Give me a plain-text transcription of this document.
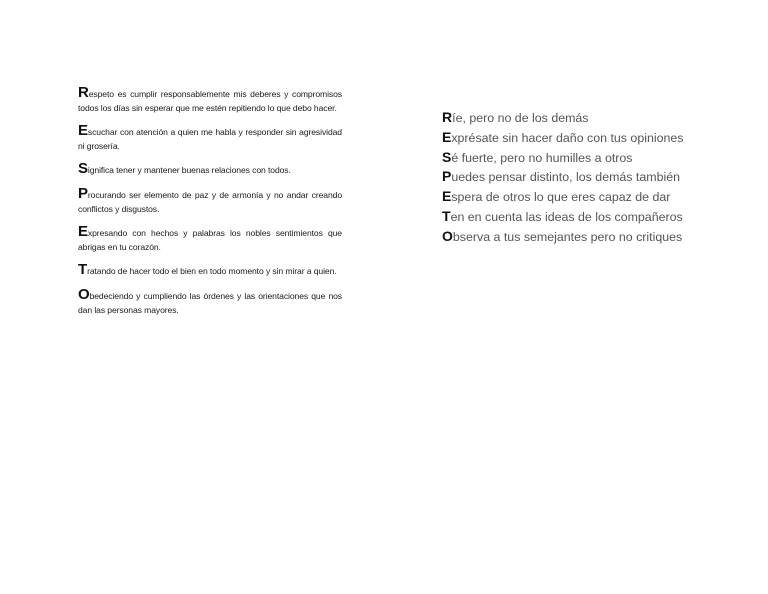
Respeto es cumplir responsablemente mis deberes y compromisos todos los días sin esperar que me estén repitiendo lo que debo hacer.

Escuchar con atención a quien me habla y responder sin agresividad ni grosería.

Significa tener y mantener buenas relaciones con todos.

Procurando ser elemento de paz y de armonía y no andar creando conflictos y disgustos.

Expresando con hechos y palabras los nobles sentimientos que abrigas en tu corazón.

Tratando de hacer todo el bien en todo momento y sin mirar a quien.

Obedeciendo y cumpliendo las órdenes y las orientaciones que nos dan las personas mayores.

Ríe, pero no de los demás
Exprésate sin hacer daño con tus opiniones
Sé fuerte, pero no humilles a otros
Puedes pensar distinto, los demás también
Espera de otros lo que eres capaz de dar
Ten en cuenta las ideas de los compañeros
Observa a tus semejantes pero no critiques
